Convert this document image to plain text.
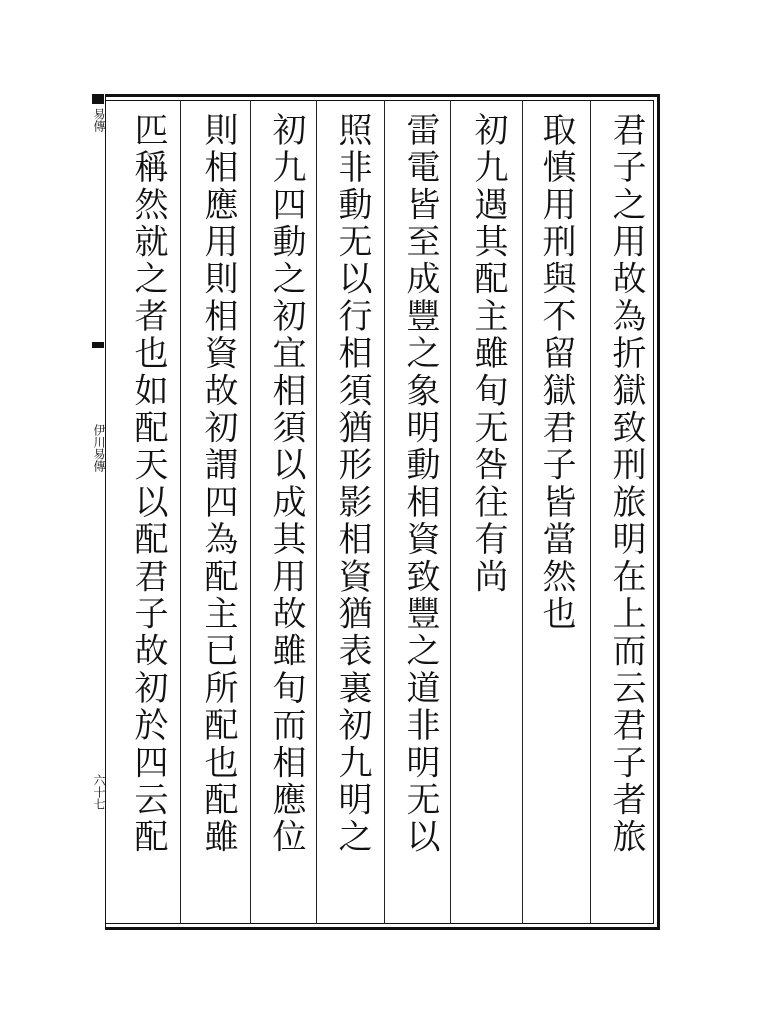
易傳
伊川易傳
六十七	君子之用故為折獄致刑旅明在上而云君子者旅
取慎用刑與不留獄君子皆當然也
初九遇其配主雖旬无咎往有尚
雷電皆至成豐之象明動相資致豐之道非明无以
照非動无以行相須猶形影相資猶表裏初九明之
初九四動之初宜相須以成其用故雖旬而相應位
則相應用則相資故初謂四為配主已所配也配雖
匹稱然就之者也如配天以配君子故初於四云配
